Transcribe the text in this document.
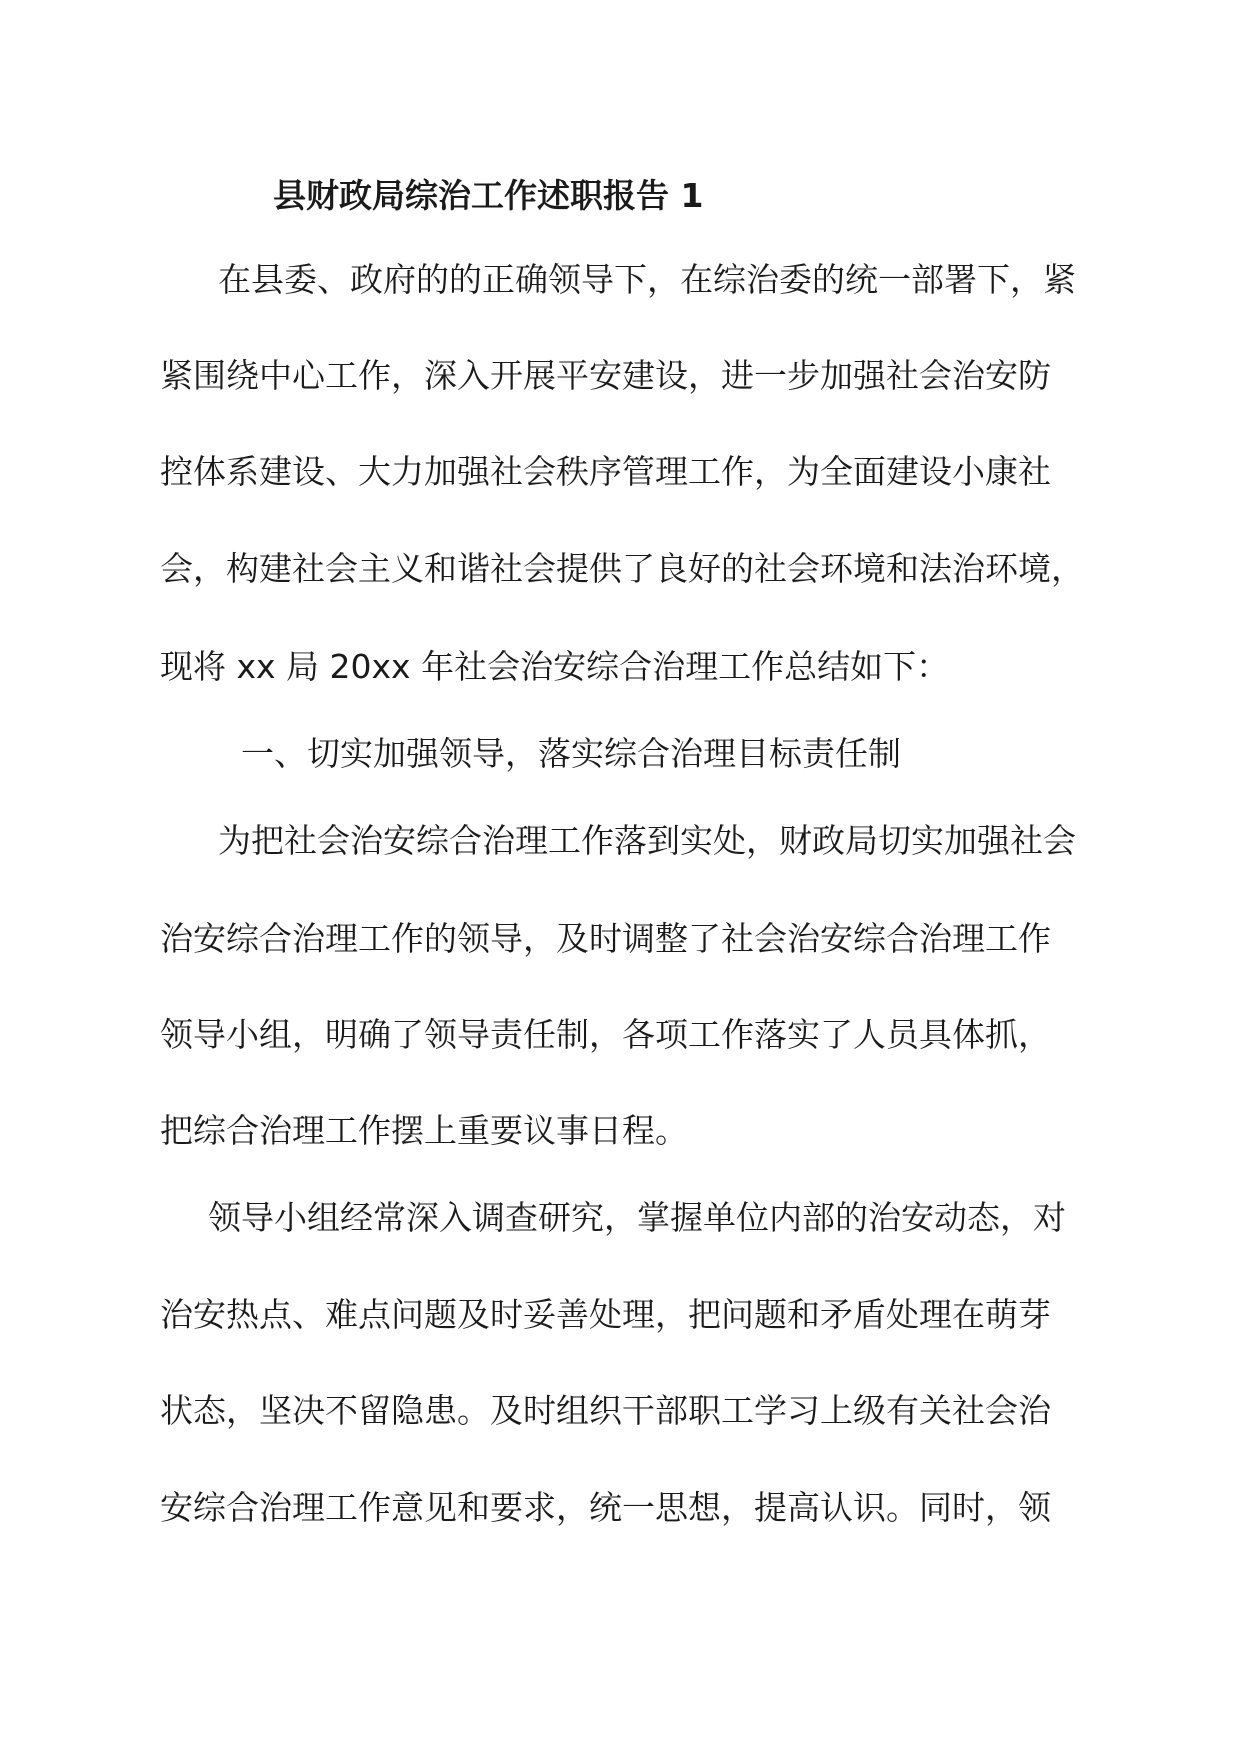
县财政局综治工作述职报告 1
在县委、政府的的正确领导下，在综治委的统一部署下，紧
紧围绕中心工作，深入开展平安建设，进一步加强社会治安防
控体系建设、大力加强社会秩序管理工作，为全面建设小康社
会，构建社会主义和谐社会提供了良好的社会环境和法治环境，
现将 xx 局 20xx 年社会治安综合治理工作总结如下：
一、切实加强领导，落实综合治理目标责任制
为把社会治安综合治理工作落到实处，财政局切实加强社会
治安综合治理工作的领导，及时调整了社会治安综合治理工作
领导小组，明确了领导责任制，各项工作落实了人员具体抓，
把综合治理工作摆上重要议事日程。
领导小组经常深入调查研究，掌握单位内部的治安动态，对
治安热点、难点问题及时妥善处理，把问题和矛盾处理在萌芽
状态，坚决不留隐患。及时组织干部职工学习上级有关社会治
安综合治理工作意见和要求，统一思想，提高认识。同时，领
